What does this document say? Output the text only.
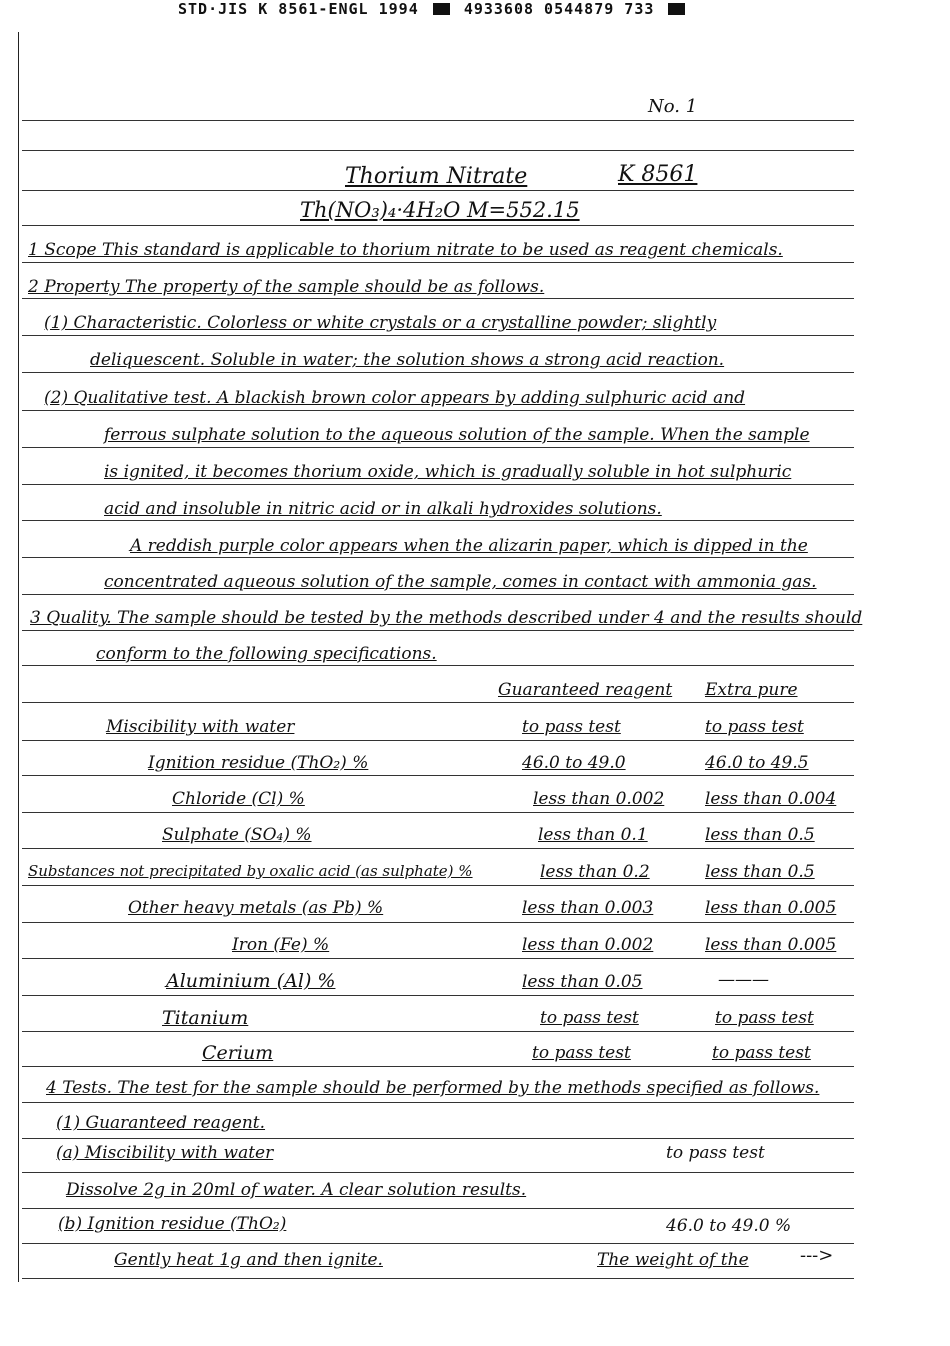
STD·JIS K 8561-ENGL 1994	4933608 0544879 733
No. 1
Thorium Nitrate	K 8561
Th(NO₃)₄·4H₂O M=552.15
1 Scope This standard is applicable to thorium nitrate to be used as reagent chemicals.
2 Property The property of the sample should be as follows.
(1) Characteristic. Colorless or white crystals or a crystalline powder; slightly
deliquescent. Soluble in water; the solution shows a strong acid reaction.
(2) Qualitative test. A blackish brown color appears by adding sulphuric acid and
ferrous sulphate solution to the aqueous solution of the sample. When the sample
is ignited, it becomes thorium oxide, which is gradually soluble in hot sulphuric
acid and insoluble in nitric acid or in alkali hydroxides solutions.
A reddish purple color appears when the alizarin paper, which is dipped in the
concentrated aqueous solution of the sample, comes in contact with ammonia gas.
3 Quality. The sample should be tested by the methods described under 4 and the results should
conform to the following specifications.
Guaranteed reagent Extra pure
Miscibility with water	to pass test	to pass test
Ignition residue (ThO₂) %	46.0 to 49.0	46.0 to 49.5
Chloride (Cl) %	less than 0.002 less than 0.004
Sulphate (SO₄) %	less than 0.1	less than 0.5
Substances not precipitated by oxalic acid (as sulphate) %	less than 0.2	less than 0.5
Other heavy metals (as Pb) %	less than 0.003	less than 0.005
Iron (Fe) %	less than 0.002	less than 0.005
Aluminium (Al) %	less than 0.05	———
Titanium	to pass test	to pass test
Cerium	to pass test	to pass test
4 Tests. The test for the sample should be performed by the methods specified as follows.
(1) Guaranteed reagent.
(a) Miscibility with water	to pass test
Dissolve 2g in 20ml of water. A clear solution results.
(b) Ignition residue (ThO₂)	46.0 to 49.0 %
Gently heat 1g and then ignite.	The weight of the	--->
